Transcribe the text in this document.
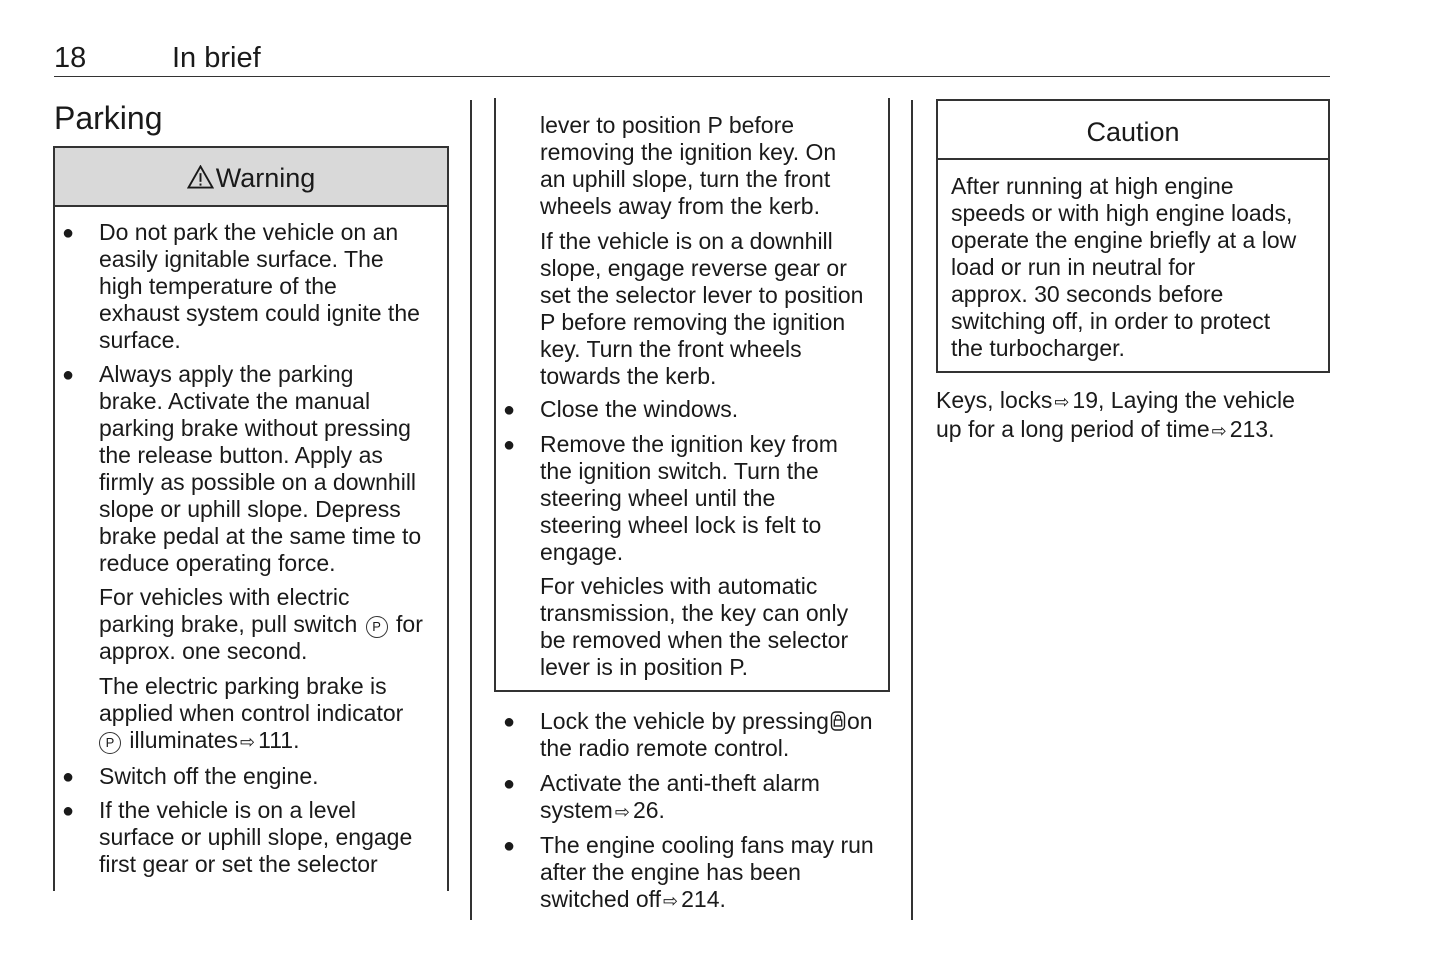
18	In brief
Parking
Warning
● Do not park the vehicle on an
easily ignitable surface. The
high temperature of the
exhaust system could ignite the
surface.
● Always apply the parking
brake. Activate the manual
parking brake without pressing
the release button. Apply as
firmly as possible on a downhill
slope or uphill slope. Depress
brake pedal at the same time to
reduce operating force.
For vehicles with electric
parking brake, pull switch P for
approx. one second.
The electric parking brake is
applied when control indicator
P illuminates ⇨ 111.
● Switch off the engine.
● If the vehicle is on a level
surface or uphill slope, engage
first gear or set the selector
lever to position P before
removing the ignition key. On
an uphill slope, turn the front
wheels away from the kerb.
If the vehicle is on a downhill
slope, engage reverse gear or
set the selector lever to position
P before removing the ignition
key. Turn the front wheels
towards the kerb.
● Close the windows.
● Remove the ignition key from
the ignition switch. Turn the
steering wheel until the
steering wheel lock is felt to
engage.
For vehicles with automatic
transmission, the key can only
be removed when the selector
lever is in position P.
● Lock the vehicle by pressing on
the radio remote control.
● Activate the anti-theft alarm
system ⇨ 26.
● The engine cooling fans may run
after the engine has been
switched off ⇨ 214.
Caution
After running at high engine
speeds or with high engine loads,
operate the engine briefly at a low
load or run in neutral for
approx. 30 seconds before
switching off, in order to protect
the turbocharger.
Keys, locks ⇨ 19, Laying the vehicle
up for a long period of time ⇨ 213.
